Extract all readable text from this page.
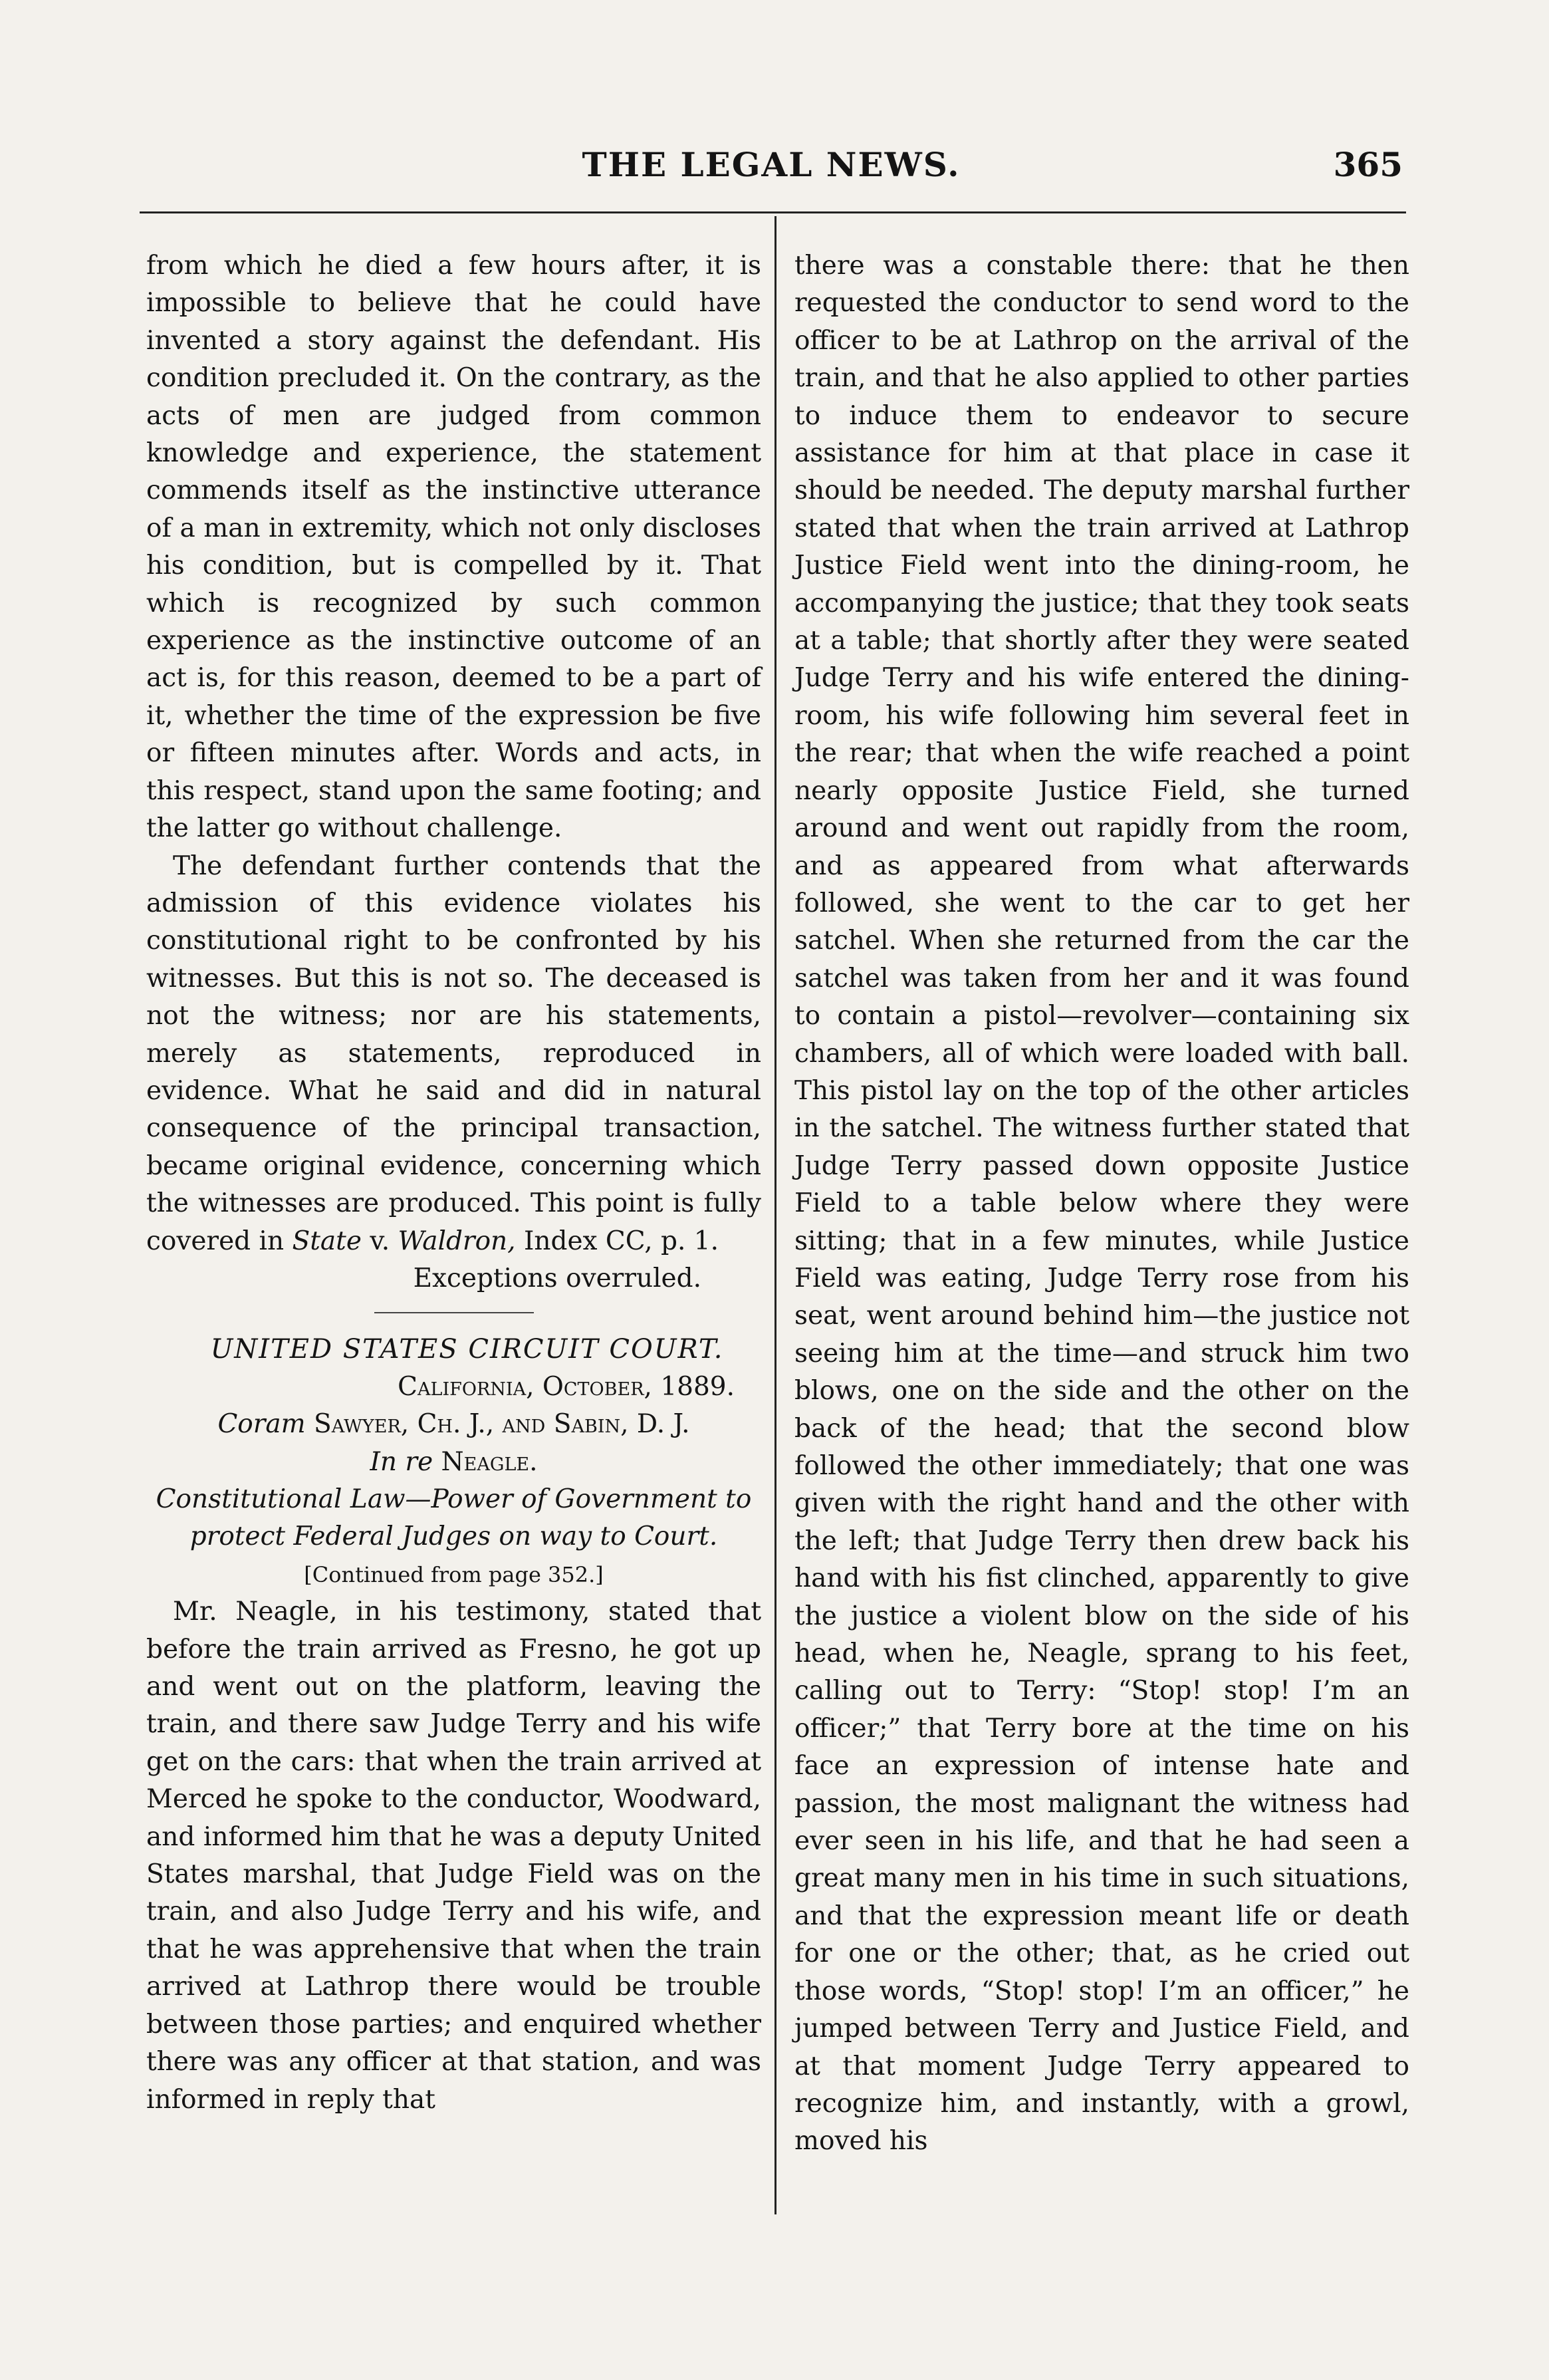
THE LEGAL NEWS.	365

from which he died a few hours after, it is impossible to believe that he could have invented a story against the defendant. His condition precluded it. On the contrary, as the acts of men are judged from common knowledge and experience, the statement commends itself as the instinctive utterance of a man in extremity, which not only discloses his condition, but is compelled by it. That which is recognized by such common experience as the instinctive outcome of an act is, for this reason, deemed to be a part of it, whether the time of the expression be five or fifteen minutes after. Words and acts, in this respect, stand upon the same footing; and the latter go without challenge.

The defendant further contends that the admission of this evidence violates his constitutional right to be confronted by his witnesses. But this is not so. The deceased is not the witness; nor are his statements, merely as statements, reproduced in evidence. What he said and did in natural consequence of the principal transaction, became original evidence, concerning which the witnesses are produced. This point is fully covered in State v. Waldron, Index CC, p. 1.

Exceptions overruled.

UNITED STATES CIRCUIT COURT.

California, October, 1889.

Coram Sawyer, Ch. J., and Sabin, D. J.

In re Neagle.

Constitutional Law—Power of Government to

protect Federal Judges on way to Court.

[Continued from page 352.]

Mr. Neagle, in his testimony, stated that before the train arrived as Fresno, he got up and went out on the platform, leaving the train, and there saw Judge Terry and his wife get on the cars: that when the train arrived at Merced he spoke to the conductor, Woodward, and informed him that he was a deputy United States marshal, that Judge Field was on the train, and also Judge Terry and his wife, and that he was apprehensive that when the train arrived at Lathrop there would be trouble between those parties; and enquired whether there was any officer at that station, and was informed in reply that

there was a constable there: that he then requested the conductor to send word to the officer to be at Lathrop on the arrival of the train, and that he also applied to other parties to induce them to endeavor to secure assistance for him at that place in case it should be needed. The deputy marshal further stated that when the train arrived at Lathrop Justice Field went into the dining-room, he accompanying the justice; that they took seats at a table; that shortly after they were seated Judge Terry and his wife entered the dining-room, his wife following him several feet in the rear; that when the wife reached a point nearly opposite Justice Field, she turned around and went out rapidly from the room, and as appeared from what afterwards followed, she went to the car to get her satchel. When she returned from the car the satchel was taken from her and it was found to contain a pistol—revolver—containing six chambers, all of which were loaded with ball. This pistol lay on the top of the other articles in the satchel. The witness further stated that Judge Terry passed down opposite Justice Field to a table below where they were sitting; that in a few minutes, while Justice Field was eating, Judge Terry rose from his seat, went around behind him—the justice not seeing him at the time—and struck him two blows, one on the side and the other on the back of the head; that the second blow followed the other immediately; that one was given with the right hand and the other with the left; that Judge Terry then drew back his hand with his fist clinched, apparently to give the justice a violent blow on the side of his head, when he, Neagle, sprang to his feet, calling out to Terry: “Stop! stop! I’m an officer;” that Terry bore at the time on his face an expression of intense hate and passion, the most malignant the witness had ever seen in his life, and that he had seen a great many men in his time in such situations, and that the expression meant life or death for one or the other; that, as he cried out those words, “Stop! stop! I’m an officer,” he jumped between Terry and Justice Field, and at that moment Judge Terry appeared to recognize him, and instantly, with a growl, moved his
